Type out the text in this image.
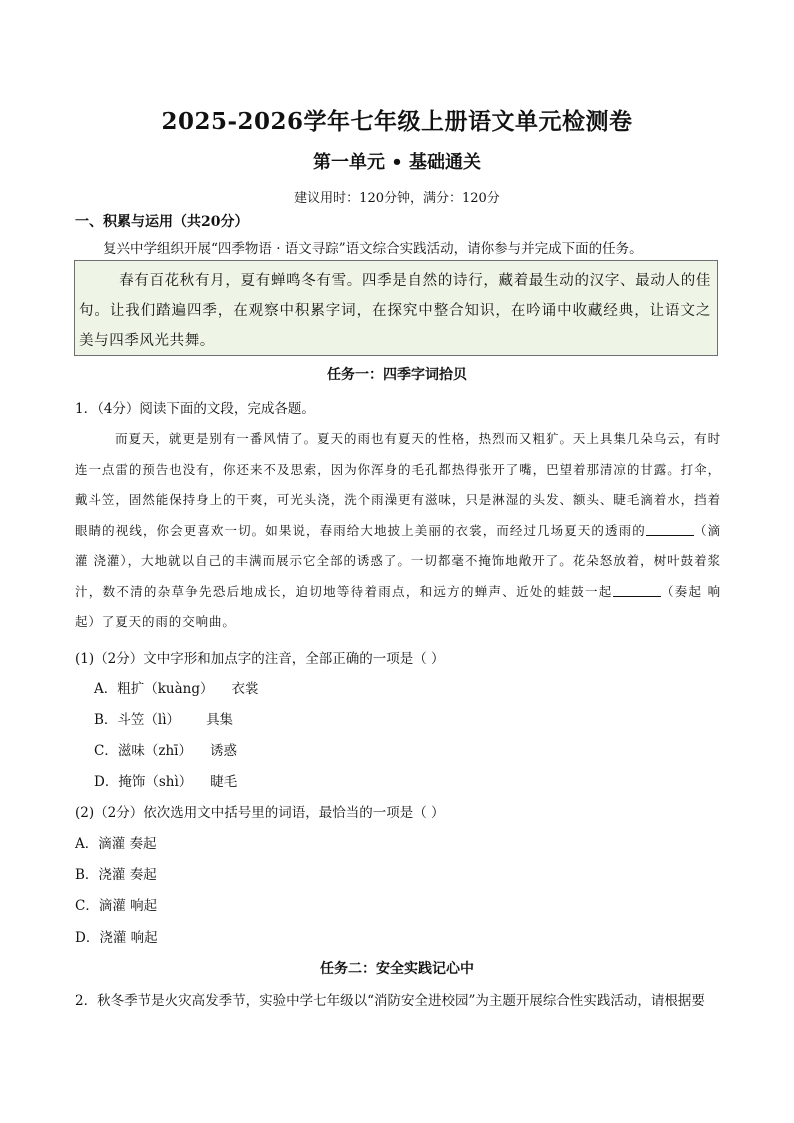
2025-2026学年七年级上册语文单元检测卷
第一单元 • 基础通关
建议用时：120分钟，满分：120分
一、积累与运用（共20分）
复兴中学组织开展“四季物语 · 语文寻踪”语文综合实践活动，请你参与并完成下面的任务。
春有百花秋有月，夏有蝉鸣冬有雪。四季是自然的诗行，藏着最生动的汉字、最动人的佳句。让我们踏遍四季，在观察中积累字词，在探究中整合知识，在吟诵中收藏经典，让语文之美与四季风光共舞。
任务一：四季字词拾贝
1．（4分）阅读下面的文段，完成各题。
而夏天，就更是别有一番风情了。夏天的雨也有夏天的性格，热烈而又粗犷。天上具集几朵乌云，有时连一点雷的预告也没有，你还来不及思索，因为你浑身的毛孔都热得张开了嘴，巴望着那清凉的甘露。打伞，戴斗笠，固然能保持身上的干爽，可光头浇，洗个雨澡更有滋味，只是淋湿的头发、额头、睫毛滴着水，挡着眼睛的视线，你会更喜欢一切。如果说，春雨给大地披上美丽的衣裳，而经过几场夏天的透雨的	（滴灌 浇灌），大地就以自己的丰满而展示它全部的诱惑了。一切都毫不掩饰地敞开了。花朵怒放着，树叶鼓着浆汁，数不清的杂草争先恐后地成长，迫切地等待着雨点，和远方的蝉声、近处的蛙鼓一起	（奏起 响起）了夏天的雨的交响曲。
(1)（2分）文中字形和加点字的注音，全部正确的一项是（ ）
A．粗扩（kuàng） 衣裳
B．斗笠（lì） 具集
C．滋味（zhī） 诱惑
D．掩饰（shì） 睫毛
(2)（2分）依次选用文中括号里的词语，最恰当的一项是（ ）
A．滴灌 奏起
B．浇灌 奏起
C．滴灌 响起
D．浇灌 响起
任务二：安全实践记心中
2．秋冬季节是火灾高发季节，实验中学七年级以“消防安全进校园”为主题开展综合性实践活动，请根据要
